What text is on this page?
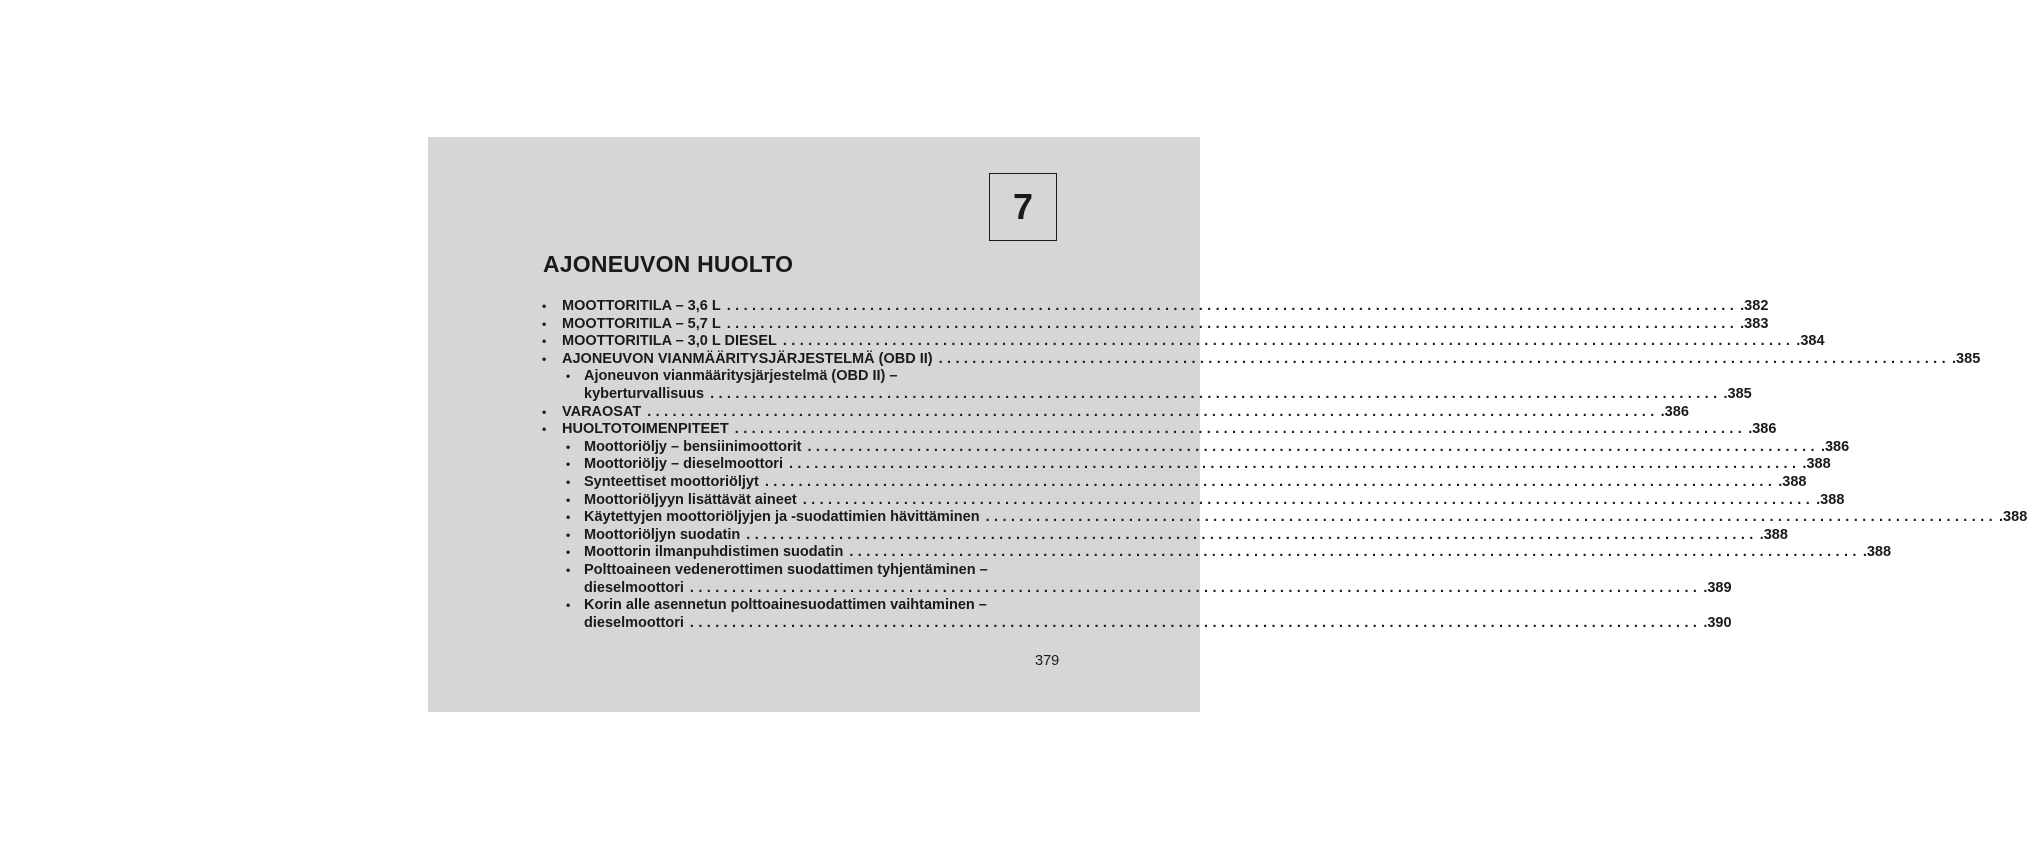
7
AJONEUVON HUOLTO
• MOOTTORITILA – 3,6 L ........................................................................................................................ .382
• MOOTTORITILA – 5,7 L ........................................................................................................................ .383
• MOOTTORITILA – 3,0 L DIESEL ........................................................................................................................ .384
• AJONEUVON VIANMÄÄRITYSJÄRJESTELMÄ (OBD II) ........................................................................................................................ .385
• Ajoneuvon vianmääritysjärjestelmä (OBD II) –
kyberturvallisuus ........................................................................................................................ .385
• VARAOSAT ........................................................................................................................ .386
• HUOLTOTOIMENPITEET ........................................................................................................................ .386
• Moottoriöljy – bensiinimoottorit ........................................................................................................................ .386
• Moottoriöljy – dieselmoottori ........................................................................................................................ .388
• Synteettiset moottoriöljyt ........................................................................................................................ .388
• Moottoriöljyyn lisättävät aineet ........................................................................................................................ .388
• Käytettyjen moottoriöljyjen ja -suodattimien hävittäminen ........................................................................................................................ .388
• Moottoriöljyn suodatin ........................................................................................................................ .388
• Moottorin ilmanpuhdistimen suodatin ........................................................................................................................ .388
• Polttoaineen vedenerottimen suodattimen tyhjentäminen –
dieselmoottori ........................................................................................................................ .389
• Korin alle asennetun polttoainesuodattimen vaihtaminen –
dieselmoottori ........................................................................................................................ .390
379
